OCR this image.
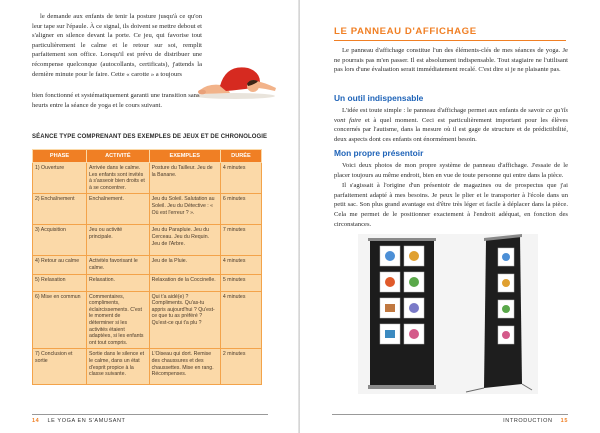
le demande aux enfants de tenir la posture jusqu'à ce qu'on leur tape sur l'épaule. À ce signal, ils doivent se mettre debout et s'aligner en silence devant la porte. Ce jeu, qui favorise tout particulièrement le calme et le retour sur soi, remplit parfaitement son office. Lorsqu'il est prévu de distribuer une récompense quelconque (autocollants, certificats), j'attends la dernière minute pour le faire. Cette « carotte » a toujours

bien fonctionné et systématiquement garanti une transition sans heurts entre la séance de yoga et le cours suivant.

SÉANCE TYPE COMPRENANT DES EXEMPLES DE JEUX ET DE CHRONOLOGIE
PHASE	ACTIVITÉ	EXEMPLES	DURÉE
1) Ouverture	Arrivée dans le calme. Les enfants sont invités à s'asseoir bien droits et à se concentrer.	Posture du Tailleur. Jeu de la Banane.	4 minutes
2) Enchaînement	Enchaînement.	Jeu du Soleil. Salutation au Soleil. Jeu du Détective : « Où est l'erreur ? ».	6 minutes
3) Acquisition	Jeu ou activité principale.	Jeu du Parapluie. Jeu du Cerceau. Jeu du Requin. Jeu de l'Arbre.	7 minutes
4) Retour au calme	Activités favorisant le calme.	Jeu de la Pluie.	4 minutes
5) Relaxation	Relaxation.	Relaxation de la Coccinelle.	5 minutes
6) Mise en commun	Commentaires, compliments, éclaircissements. C'est le moment de déterminer si les activités étaient adaptées, si les enfants ont tout compris.	Qui t'a aidé(e) ? Compliments. Qu'as-tu appris aujourd'hui ? Qu'est-ce que tu as préféré ? Qu'est-ce qui t'a plu ?	4 minutes
7) Conclusion et sortie	Sortie dans le silence et le calme, dans un état d'esprit propice à la classe suivante.	L'Oiseau qui dort. Remise des chaussures et des chaussettes. Mise en rang. Récompenses.	2 minutes
14 LE YOGA EN S'AMUSANT
LE PANNEAU D'AFFICHAGE

Le panneau d'affichage constitue l'un des éléments-clés de mes séances de yoga. Je ne pourrais pas m'en passer. Il est absolument indispensable. Tout stagiaire ne l'utilisant pas lors d'une évaluation serait immédiatement recalé. C'est dire si je ne plaisante pas.

Un outil indispensable

L'idée est toute simple : le panneau d'affichage permet aux enfants de savoir ce qu'ils vont faire et à quel moment. Ceci est particulièrement important pour les élèves concernés par l'autisme, dans la mesure où il est gage de structure et de prédictibilité, deux aspects dont ces enfants ont énormément besoin.

Mon propre présentoir

Voici deux photos de mon propre système de panneau d'affichage. J'essaie de le placer toujours au même endroit, bien en vue de toute personne qui entre dans la pièce.

Il s'agissait à l'origine d'un présentoir de magazines ou de prospectus que j'ai parfaitement adapté à mes besoins. Je peux le plier et le transporter à l'école dans un petit sac. Son plus grand avantage est d'être très léger et facile à déplacer dans la pièce. Cela me permet de le positionner exactement à l'endroit adéquat, en fonction des circonstances.

INTRODUCTION 15
